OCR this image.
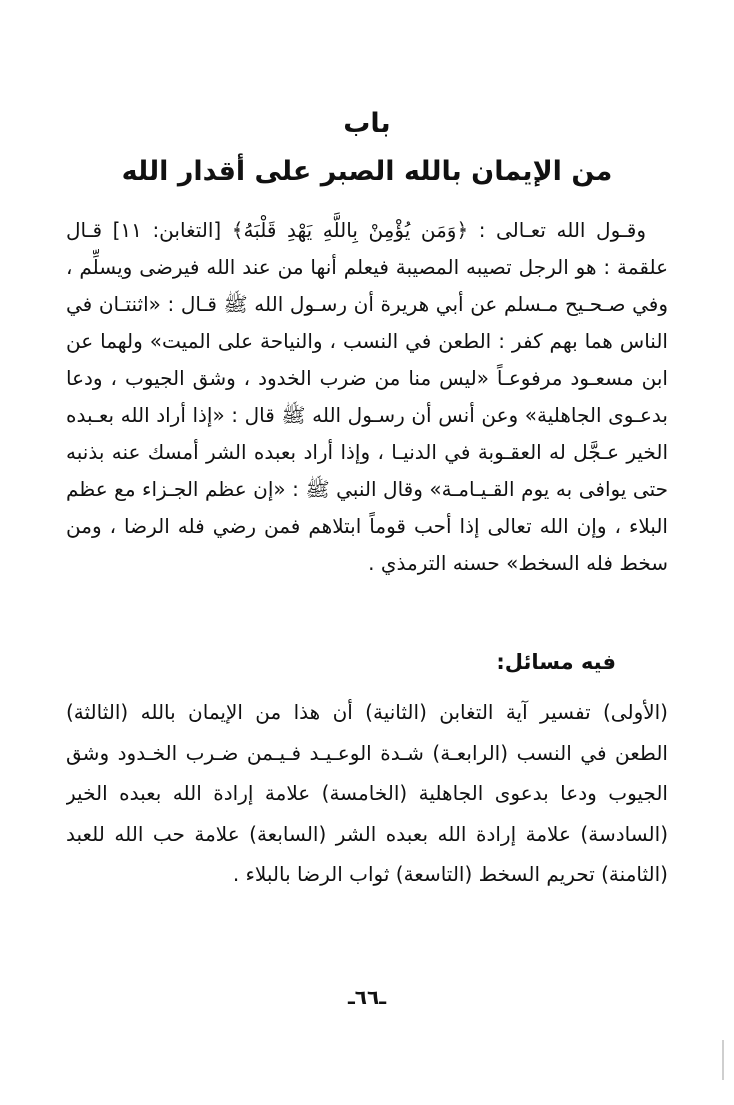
باب
من الإيمان بالله الصبر على أقدار الله
وقـول الله تعـالى : ﴿وَمَن يُؤْمِنْ بِاللَّهِ يَهْدِ قَلْبَهُ﴾ [التغابن: ١١] قـال
علقمة : هو الرجل تصيبه المصيبة فيعلم أنها من عند الله فيرضى ويسلِّم ،
وفي صـحـيح مـسلم عن أبي هريرة أن رسـول الله ﷺ قـال : «اثنتـان في
الناس هما بهم كفر : الطعن في النسب ، والنياحة على الميت» ولهما عن
ابن مسعـود مرفوعـاً «ليس منا من ضرب الخدود ، وشق الجيوب ، ودعا
بدعـوى الجاهلية» وعن أنس أن رسـول الله ﷺ قال : «إذا أراد الله بعـبده
الخير عـجَّل له العقـوبة في الدنيـا ، وإذا أراد بعبده الشر أمسك عنه بذنبه
حتى يوافى به يوم القـيـامـة» وقال النبي ﷺ : «إن عظم الجـزاء مع عظم
البلاء ، وإن الله تعالى إذا أحب قوماً ابتلاهم فمن رضي فله الرضا ، ومن
سخط فله السخط» حسنه الترمذي .
فيه مسائل:
(الأولى) تفسير آية التغابن (الثانية) أن هذا من الإيمان بالله (الثالثة)
الطعن في النسب (الرابعـة) شـدة الوعـيـد فـيـمن ضـرب الخـدود وشق
الجيوب ودعا بدعوى الجاهلية (الخامسة) علامة إرادة الله بعبده الخير
(السادسة) علامة إرادة الله بعبده الشر (السابعة) علامة حب الله للعبد
(الثامنة) تحريم السخط (التاسعة) ثواب الرضا بالبلاء .
ـ٦٦ـ
